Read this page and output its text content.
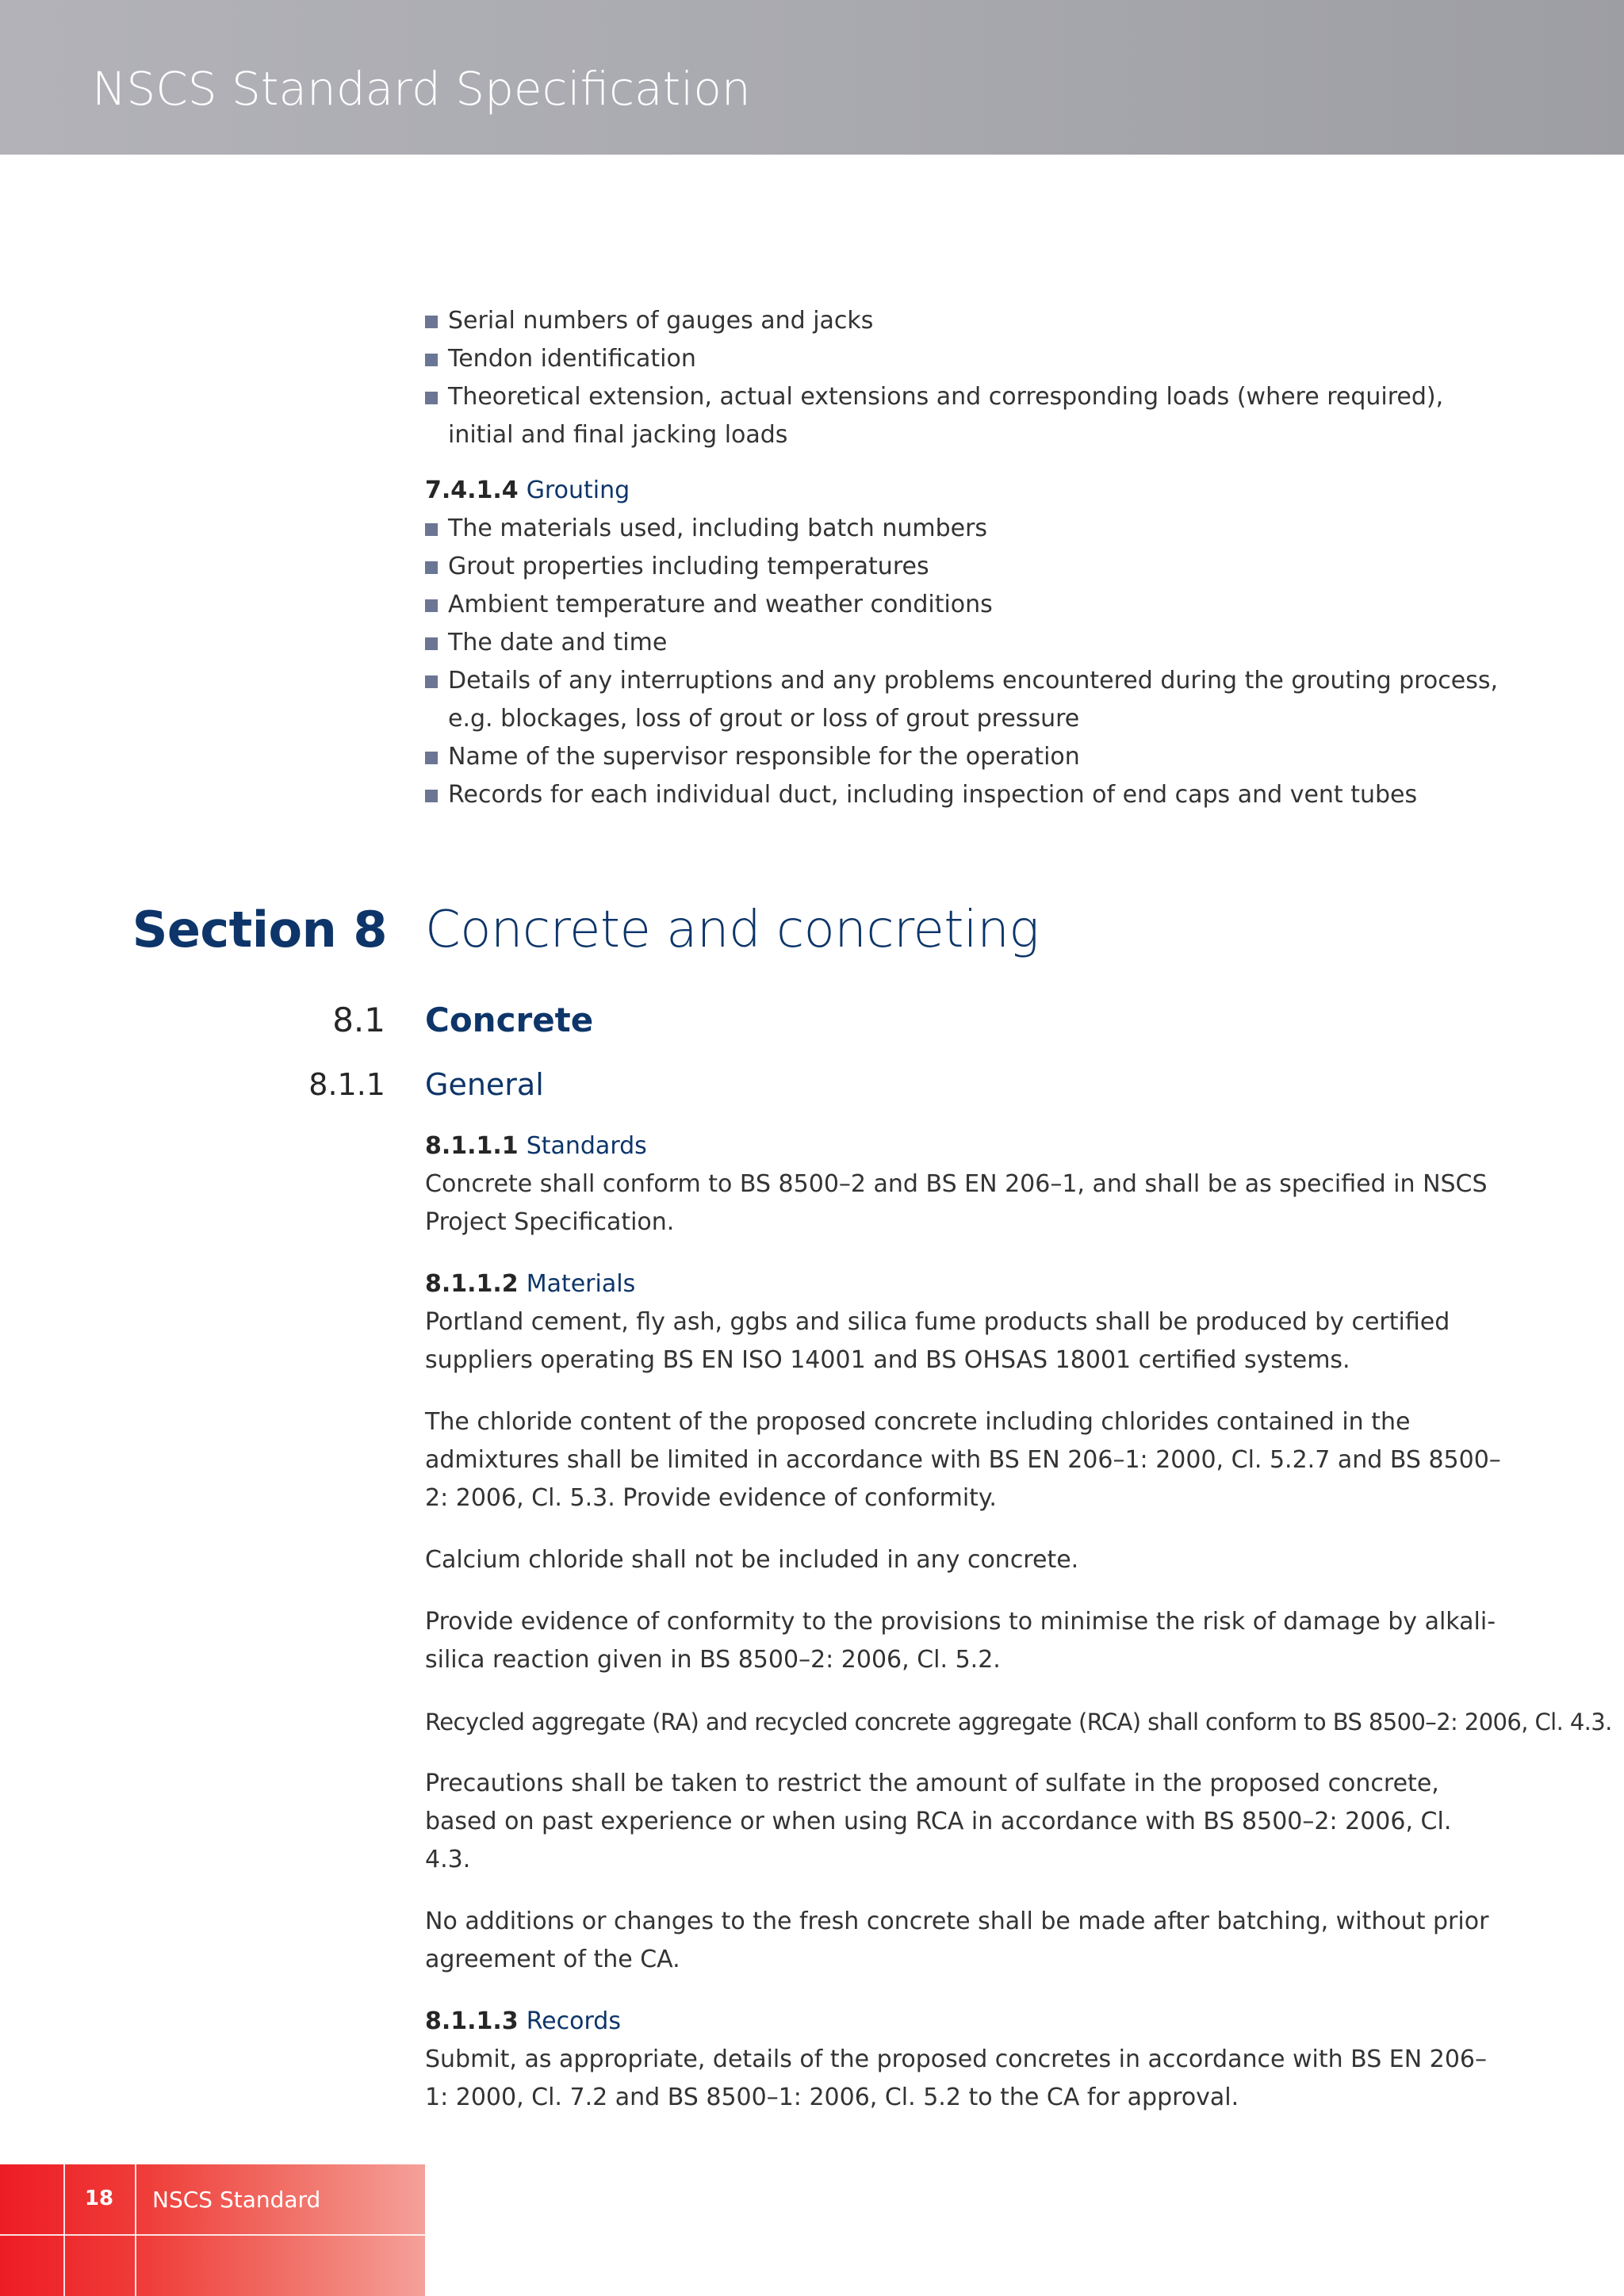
NSCS Standard Specification
Serial numbers of gauges and jacks
Tendon identification
Theoretical extension, actual extensions and corresponding loads (where required), initial and final jacking loads
7.4.1.4 Grouting
The materials used, including batch numbers
Grout properties including temperatures
Ambient temperature and weather conditions
The date and time
Details of any interruptions and any problems encountered during the grouting process, e.g. blockages, loss of grout or loss of grout pressure
Name of the supervisor responsible for the operation
Records for each individual duct, including inspection of end caps and vent tubes
Section 8 Concrete and concreting
8.1 Concrete
8.1.1 General
8.1.1.1 Standards

Concrete shall conform to BS 8500–2 and BS EN 206–1, and shall be as specified in NSCS Project Specification.

8.1.1.2 Materials

Portland cement, fly ash, ggbs and silica fume products shall be produced by certified suppliers operating BS EN ISO 14001 and BS OHSAS 18001 certified systems.

The chloride content of the proposed concrete including chlorides contained in the admixtures shall be limited in accordance with BS EN 206–1: 2000, Cl. 5.2.7 and BS 8500–2: 2006, Cl. 5.3. Provide evidence of conformity.

Calcium chloride shall not be included in any concrete.

Provide evidence of conformity to the provisions to minimise the risk of damage by alkali-silica reaction given in BS 8500–2: 2006, Cl. 5.2.

Recycled aggregate (RA) and recycled concrete aggregate (RCA) shall conform to BS 8500–2: 2006, Cl. 4.3.

Precautions shall be taken to restrict the amount of sulfate in the proposed concrete, based on past experience or when using RCA in accordance with BS 8500–2: 2006, Cl. 4.3.

No additions or changes to the fresh concrete shall be made after batching, without prior agreement of the CA.

8.1.1.3 Records

Submit, as appropriate, details of the proposed concretes in accordance with BS EN 206–1: 2000, Cl. 7.2 and BS 8500–1: 2006, Cl. 5.2 to the CA for approval.

18	NSCS Standard
